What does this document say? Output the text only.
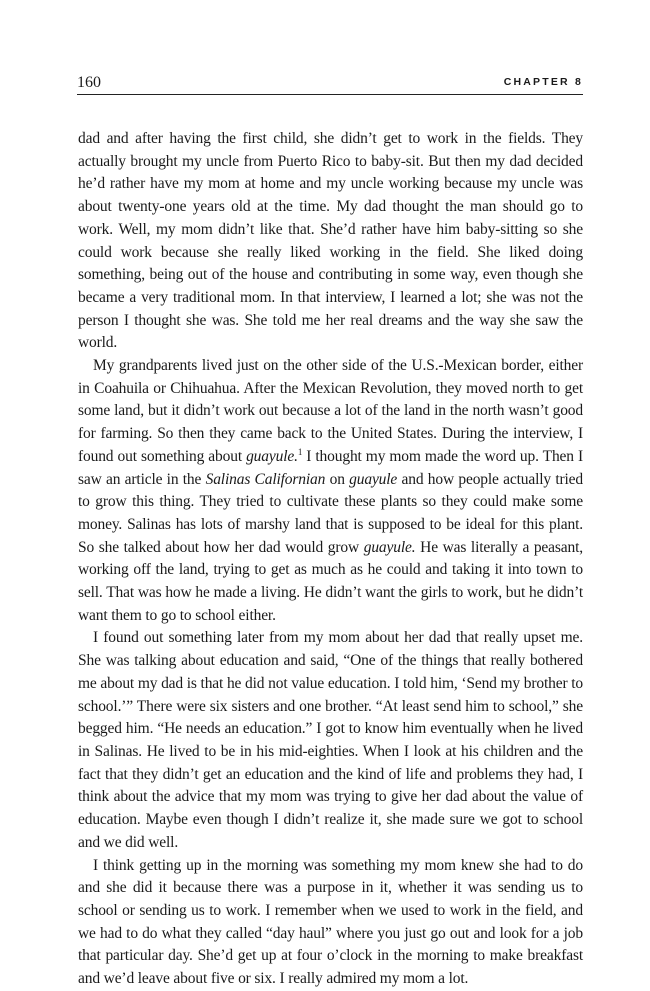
160	CHAPTER 8

dad and after having the first child, she didn’t get to work in the fields. They actually brought my uncle from Puerto Rico to baby-sit. But then my dad decided he’d rather have my mom at home and my uncle working because my uncle was about twenty-one years old at the time. My dad thought the man should go to work. Well, my mom didn’t like that. She’d rather have him baby-sitting so she could work because she really liked working in the field. She liked doing something, being out of the house and contributing in some way, even though she became a very traditional mom. In that interview, I learned a lot; she was not the person I thought she was. She told me her real dreams and the way she saw the world.

My grandparents lived just on the other side of the U.S.-Mexican border, either in Coahuila or Chihuahua. After the Mexican Revolution, they moved north to get some land, but it didn’t work out because a lot of the land in the north wasn’t good for farming. So then they came back to the United States. During the interview, I found out something about guayule.$^1$ I thought my mom made the word up. Then I saw an article in the Salinas Californian on guayule and how people actually tried to grow this thing. They tried to cultivate these plants so they could make some money. Salinas has lots of marshy land that is supposed to be ideal for this plant. So she talked about how her dad would grow guayule. He was literally a peasant, working off the land, trying to get as much as he could and taking it into town to sell. That was how he made a living. He didn’t want the girls to work, but he didn’t want them to go to school either.

I found out something later from my mom about her dad that really upset me. She was talking about education and said, “One of the things that really bothered me about my dad is that he did not value education. I told him, ‘Send my brother to school.’” There were six sisters and one brother. “At least send him to school,” she begged him. “He needs an education.” I got to know him eventually when he lived in Salinas. He lived to be in his mid-eighties. When I look at his children and the fact that they didn’t get an education and the kind of life and problems they had, I think about the advice that my mom was trying to give her dad about the value of education. Maybe even though I didn’t realize it, she made sure we got to school and we did well.

I think getting up in the morning was something my mom knew she had to do and she did it because there was a purpose in it, whether it was sending us to school or sending us to work. I remember when we used to work in the field, and we had to do what they called “day haul” where you just go out and look for a job that particular day. She’d get up at four o’clock in the morning to make breakfast and we’d leave about five or six. I really admired my mom a lot.
